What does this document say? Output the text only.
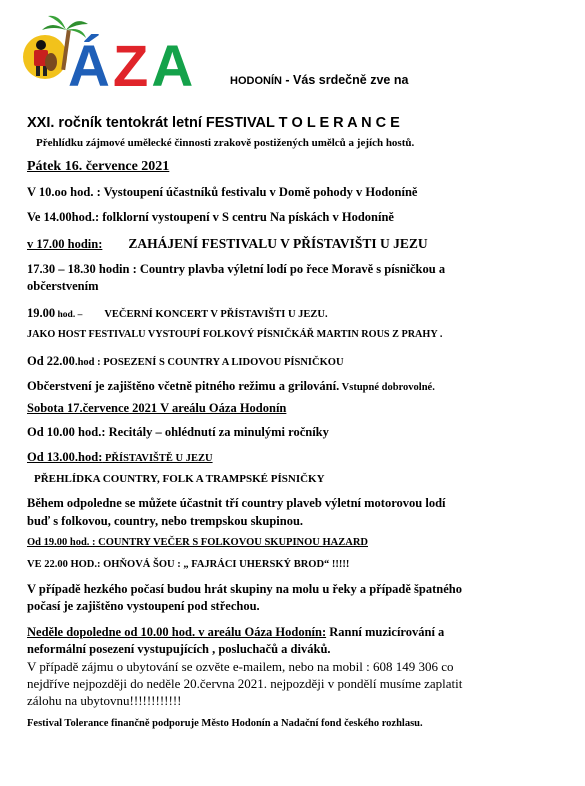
ÁZA	HODONÍN - Vás srdečně zve na
XXI. ročník tentokrát letní FESTIVAL T O L E R A N C E
Přehlídku zájmové umělecké činnosti zrakově postižených umělců a jejích hostů.
Pátek 16. července 2021
V 10.oo hod. : Vystoupení účastníků festivalu v Domě pohody v Hodoníně
Ve 14.00hod.: folklorní vystoupení v S centru Na pískách v Hodoníně
v 17.00 hodin: ZAHÁJENÍ FESTIVALU V PŘÍSTAVIŠTI U JEZU
17.30 – 18.30 hodin : Country plavba výletní lodí po řece Moravě s písničkou a
občerstvením
19.00 hod. – VEČERNÍ KONCERT V PŘÍSTAVIŠTI U JEZU.
JAKO HOST FESTIVALU VYSTOUPÍ FOLKOVÝ PÍSNIČKÁŘ MARTIN ROUS Z PRAHY .
Od 22.00.hod : POSEZENÍ S COUNTRY A LIDOVOU PÍSNIČKOU
Občerstvení je zajištěno včetně pitného režimu a grilování. Vstupné dobrovolné.
Sobota 17.července 2021 V areálu Oáza Hodonín
Od 10.00 hod.: Recitály – ohlédnutí za minulými ročníky
Od 13.00.hod: PŘÍSTAVIŠTĚ U JEZU
PŘEHLÍDKA COUNTRY, FOLK A TRAMPSKÉ PÍSNIČKY
Během odpoledne se můžete účastnit tří country plaveb výletní motorovou lodí
buď s folkovou, country, nebo trempskou skupinou.
Od 19.00 hod. : COUNTRY VEČER S FOLKOVOU SKUPINOU HAZARD
VE 22.00 HOD.: OHŇOVÁ ŠOU : „ FAJRÁCI UHERSKÝ BROD“ !!!!!
V případě hezkého počasí budou hrát skupiny na molu u řeky a případě špatného
počasí je zajištěno vystoupení pod střechou.
Neděle dopoledne od 10.00 hod. v areálu Oáza Hodonín: Ranní muzicírování a
neformální posezení vystupujících , posluchačů a diváků.
V případě zájmu o ubytování se ozvěte e-mailem, nebo na mobil : 608 149 306 co
nejdříve nejpozději do neděle 20.června 2021. nejpozději v pondělí musíme zaplatit
zálohu na ubytovnu!!!!!!!!!!!!
Festival Tolerance finančně podporuje Město Hodonín a Nadační fond českého rozhlasu.
